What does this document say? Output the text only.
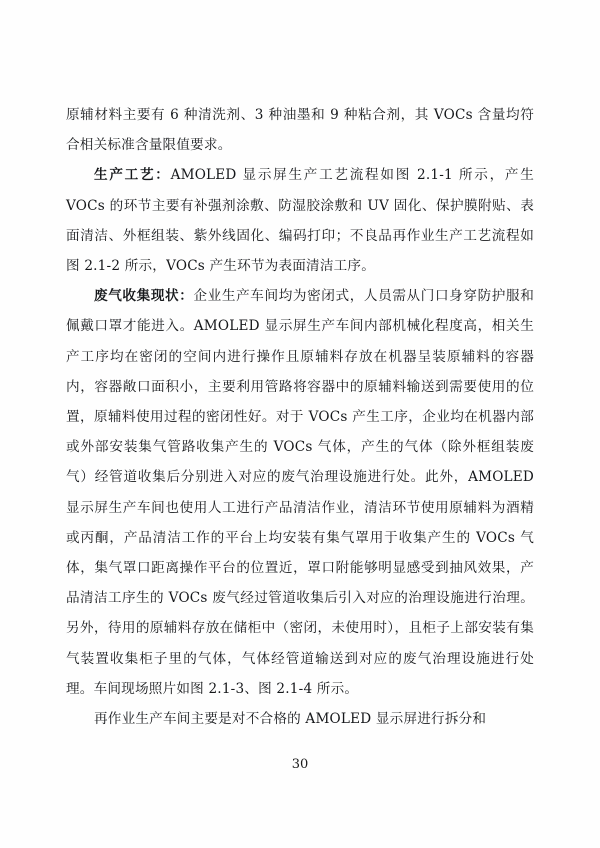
原辅材料主要有 6 种清洗剂、3 种油墨和 9 种粘合剂，其 VOCs 含量均符合相关标准含量限值要求。

生产工艺：AMOLED 显示屏生产工艺流程如图 2.1-1 所示，产生 VOCs 的环节主要有补强剂涂敷、防湿胶涂敷和 UV 固化、保护膜附贴、表面清洁、外框组装、紫外线固化、编码打印；不良品再作业生产工艺流程如图 2.1-2 所示，VOCs 产生环节为表面清洁工序。

废气收集现状：企业生产车间均为密闭式，人员需从门口身穿防护服和佩戴口罩才能进入。AMOLED 显示屏生产车间内部机械化程度高，相关生产工序均在密闭的空间内进行操作且原辅料存放在机器呈装原辅料的容器内，容器敞口面积小，主要利用管路将容器中的原辅料输送到需要使用的位置，原辅料使用过程的密闭性好。对于 VOCs 产生工序，企业均在机器内部或外部安装集气管路收集产生的 VOCs 气体，产生的气体（除外框组装废气）经管道收集后分别进入对应的废气治理设施进行处。此外，AMOLED 显示屏生产车间也使用人工进行产品清洁作业，清洁环节使用原辅料为酒精或丙酮，产品清洁工作的平台上均安装有集气罩用于收集产生的 VOCs 气体，集气罩口距离操作平台的位置近，罩口附能够明显感受到抽风效果，产品清洁工序生的 VOCs 废气经过管道收集后引入对应的治理设施进行治理。另外，待用的原辅料存放在储柜中（密闭，未使用时），且柜子上部安装有集气装置收集柜子里的气体，气体经管道输送到对应的废气治理设施进行处理。车间现场照片如图 2.1-3、图 2.1-4 所示。

再作业生产车间主要是对不合格的 AMOLED 显示屏进行拆分和

30
